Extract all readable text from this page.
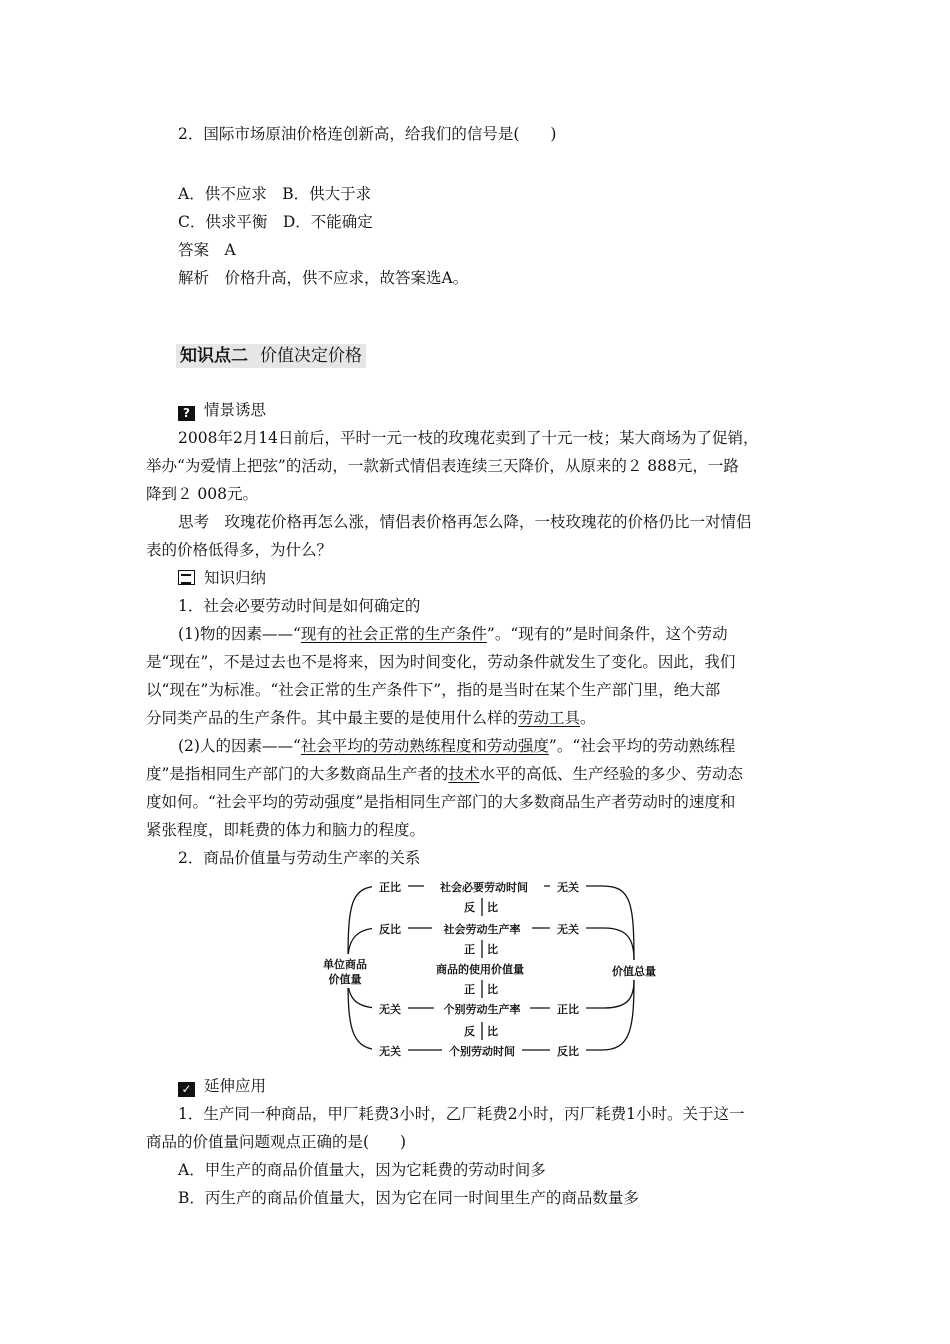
2．国际市场原油价格连创新高，给我们的信号是(　　)
A．供不应求　B．供大于求
C．供求平衡　D．不能确定
答案　A
解析　价格升高，供不应求，故答案选A。
知识点二 价值决定价格
? 情景诱思
2008年2月14日前后，平时一元一枝的玫瑰花卖到了十元一枝；某大商场为了促销，
举办“为爱情上把弦”的活动，一款新式情侣表连续三天降价，从原来的２ 888元，一路
降到２ 008元。
思考　玫瑰花价格再怎么涨，情侣表价格再怎么降，一枝玫瑰花的价格仍比一对情侣
表的价格低得多，为什么？
知识归纳
1．社会必要劳动时间是如何确定的
(1)物的因素——“现有的社会正常的生产条件”。“现有的”是时间条件，这个劳动
是“现在”，不是过去也不是将来，因为时间变化，劳动条件就发生了变化。因此，我们
以“现在”为标准。“社会正常的生产条件下”，指的是当时在某个生产部门里，绝大部
分同类产品的生产条件。其中最主要的是使用什么样的劳动工具。
(2)人的因素——“社会平均的劳动熟练程度和劳动强度”。“社会平均的劳动熟练程
度”是指相同生产部门的大多数商品生产者的技术水平的高低、生产经验的多少、劳动态
度如何。“社会平均的劳动强度”是指相同生产部门的大多数商品生产者劳动时的速度和
紧张程度，即耗费的体力和脑力的程度。
2．商品价值量与劳动生产率的关系
社会必要劳动时间
反 比
社会劳动生产率
正 比
商品的使用价值量
正 比
个别劳动生产率
反 比
个别劳动时间
单位商品
价值量
价值总量
正比	无关
反比	无关
无关	正比
无关	反比
✓ 延伸应用
1．生产同一种商品，甲厂耗费3小时，乙厂耗费2小时，丙厂耗费1小时。关于这一
商品的价值量问题观点正确的是(　　)
A．甲生产的商品价值量大，因为它耗费的劳动时间多
B．丙生产的商品价值量大，因为它在同一时间里生产的商品数量多
